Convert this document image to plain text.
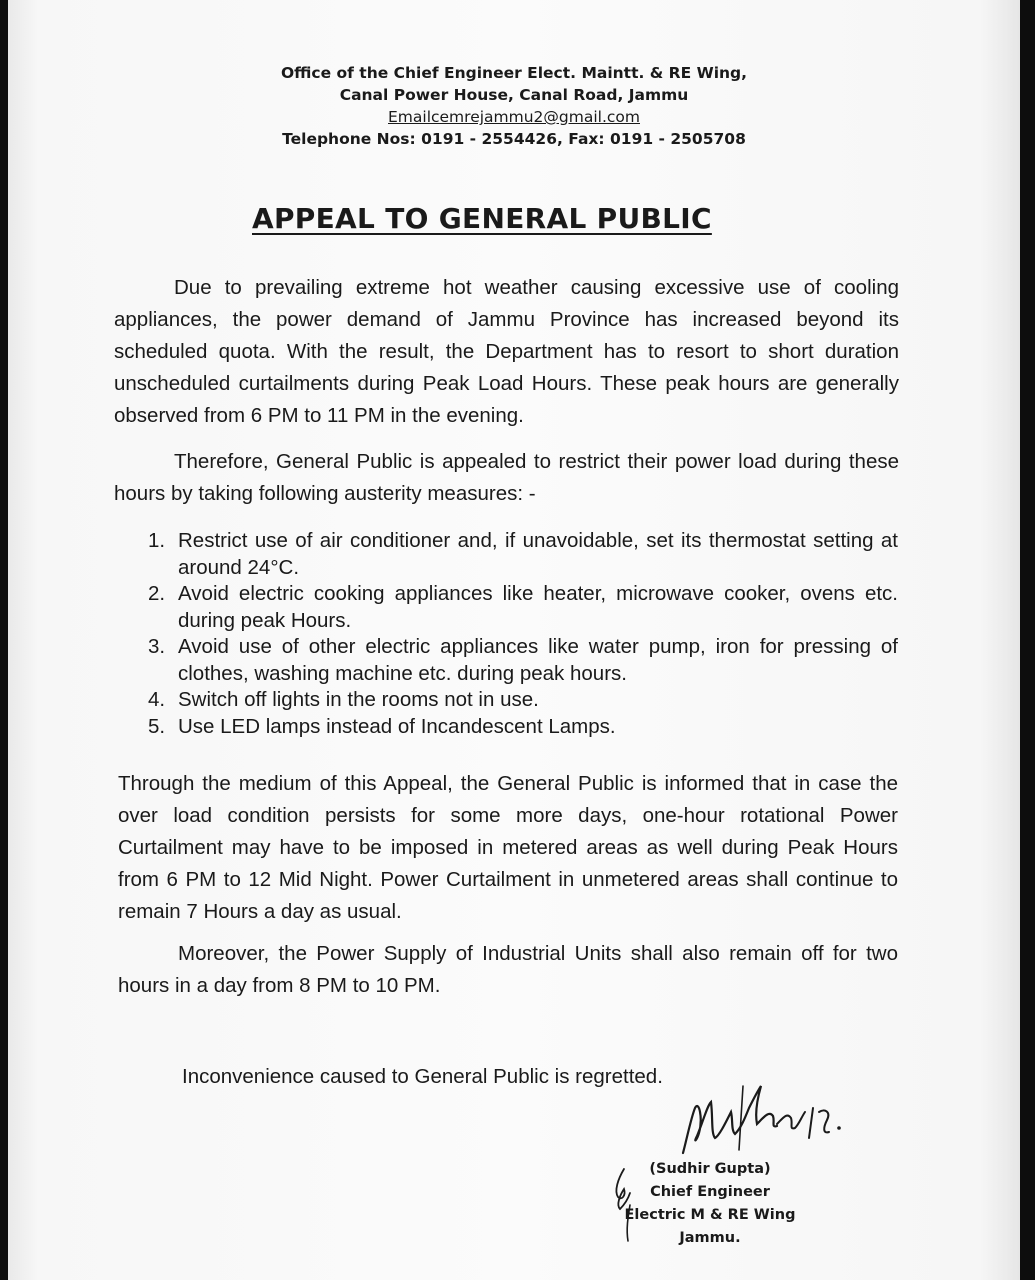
Office of the Chief Engineer Elect. Maintt. & RE Wing,
Canal Power House, Canal Road, Jammu
Emailcemrejammu2@gmail.com
Telephone Nos: 0191 - 2554426, Fax: 0191 - 2505708
APPEAL TO GENERAL PUBLIC

Due to prevailing extreme hot weather causing excessive use of cooling appliances, the power demand of Jammu Province has increased beyond its scheduled quota. With the result, the Department has to resort to short duration unscheduled curtailments during Peak Load Hours. These peak hours are generally observed from 6 PM to 11 PM in the evening.

Therefore, General Public is appealed to restrict their power load during these hours by taking following austerity measures: -

1. Restrict use of air conditioner and, if unavoidable, set its thermostat setting at around 24°C.
2. Avoid electric cooking appliances like heater, microwave cooker, ovens etc. during peak Hours.
3. Avoid use of other electric appliances like water pump, iron for pressing of clothes, washing machine etc. during peak hours.
4. Switch off lights in the rooms not in use.
5. Use LED lamps instead of Incandescent Lamps.

Through the medium of this Appeal, the General Public is informed that in case the over load condition persists for some more days, one-hour rotational Power Curtailment may have to be imposed in metered areas as well during Peak Hours from 6 PM to 12 Mid Night. Power Curtailment in unmetered areas shall continue to remain 7 Hours a day as usual.

Moreover, the Power Supply of Industrial Units shall also remain off for two hours in a day from 8 PM to 10 PM.

Inconvenience caused to General Public is regretted.
(Sudhir Gupta)
Chief Engineer
Electric M & RE Wing
Jammu.
